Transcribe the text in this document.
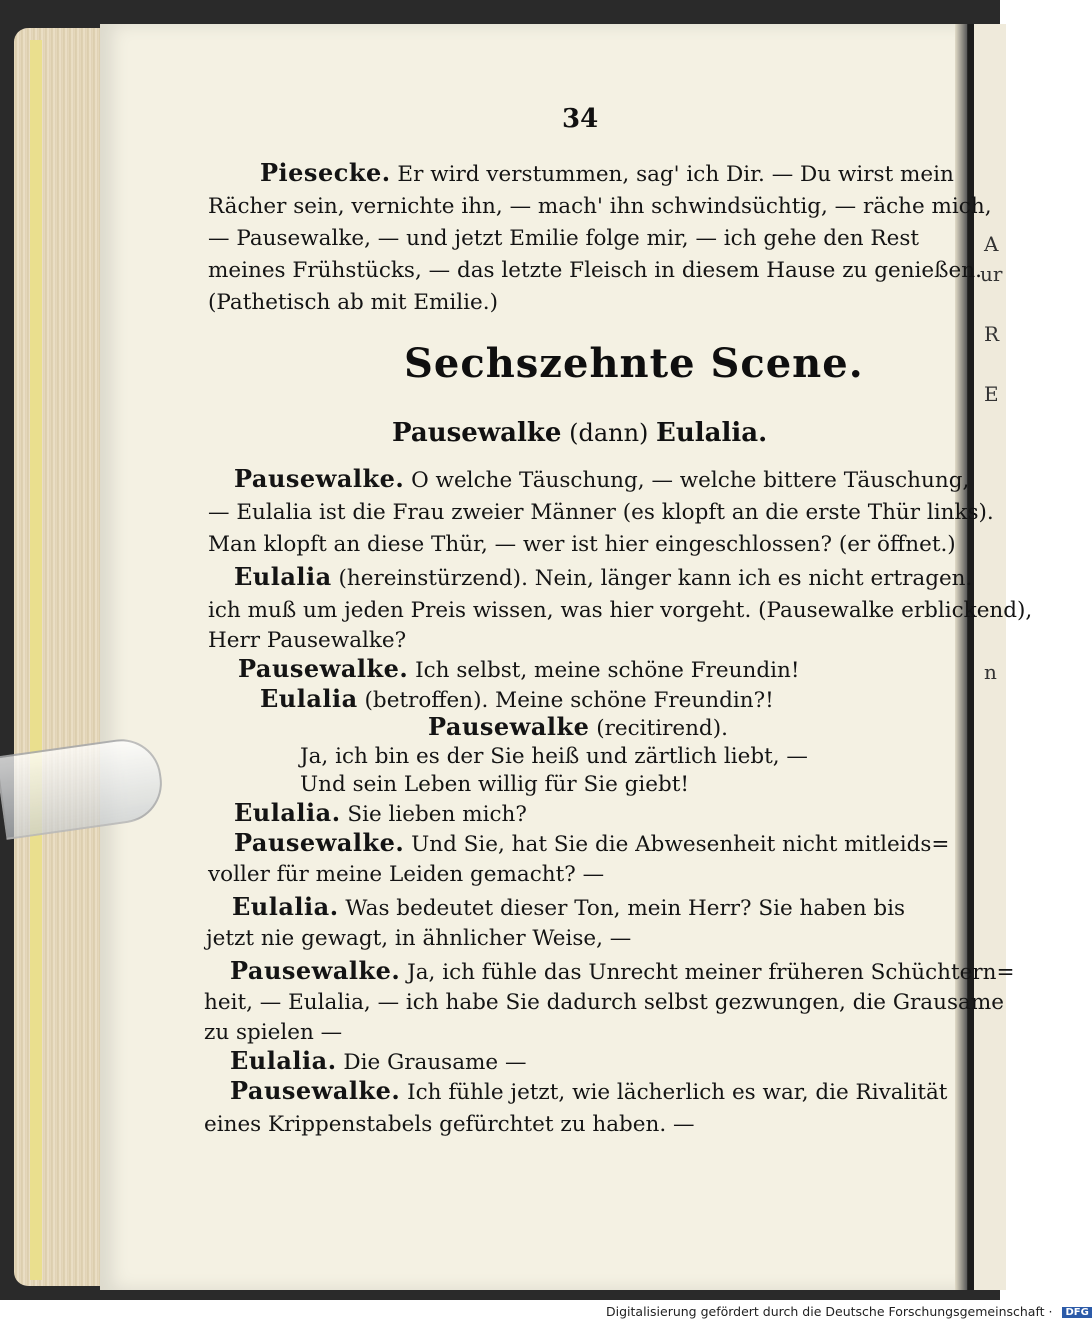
A
ur
R
E
n
34
Piesecke. Er wird verstummen, sag' ich Dir. — Du wirst mein
Rächer sein, vernichte ihn, — mach' ihn schwindsüchtig, — räche mich,
— Pausewalke, — und jetzt Emilie folge mir, — ich gehe den Rest
meines Frühstücks, — das letzte Fleisch in diesem Hause zu genießen.
(Pathetisch ab mit Emilie.)
Sechszehnte Scene.
Pausewalke (dann) Eulalia.
Pausewalke. O welche Täuschung, — welche bittere Täuschung,
— Eulalia ist die Frau zweier Männer (es klopft an die erste Thür links).
Man klopft an diese Thür, — wer ist hier eingeschlossen? (er öffnet.)
Eulalia (hereinstürzend). Nein, länger kann ich es nicht ertragen.
ich muß um jeden Preis wissen, was hier vorgeht. (Pausewalke erblickend),
Herr Pausewalke?
Pausewalke. Ich selbst, meine schöne Freundin!
Eulalia (betroffen). Meine schöne Freundin?!
Pausewalke (recitirend).
Ja, ich bin es der Sie heiß und zärtlich liebt, —
Und sein Leben willig für Sie giebt!
Eulalia. Sie lieben mich?
Pausewalke. Und Sie, hat Sie die Abwesenheit nicht mitleids=
voller für meine Leiden gemacht? —
Eulalia. Was bedeutet dieser Ton, mein Herr? Sie haben bis
jetzt nie gewagt, in ähnlicher Weise, —
Pausewalke. Ja, ich fühle das Unrecht meiner früheren Schüchtern=
heit, — Eulalia, — ich habe Sie dadurch selbst gezwungen, die Grausame
zu spielen —
Eulalia. Die Grausame —
Pausewalke. Ich fühle jetzt, wie lächerlich es war, die Rivalität
eines Krippenstabels gefürchtet zu haben. —
Digitalisierung gefördert durch die Deutsche Forschungsgemeinschaft · DFG
